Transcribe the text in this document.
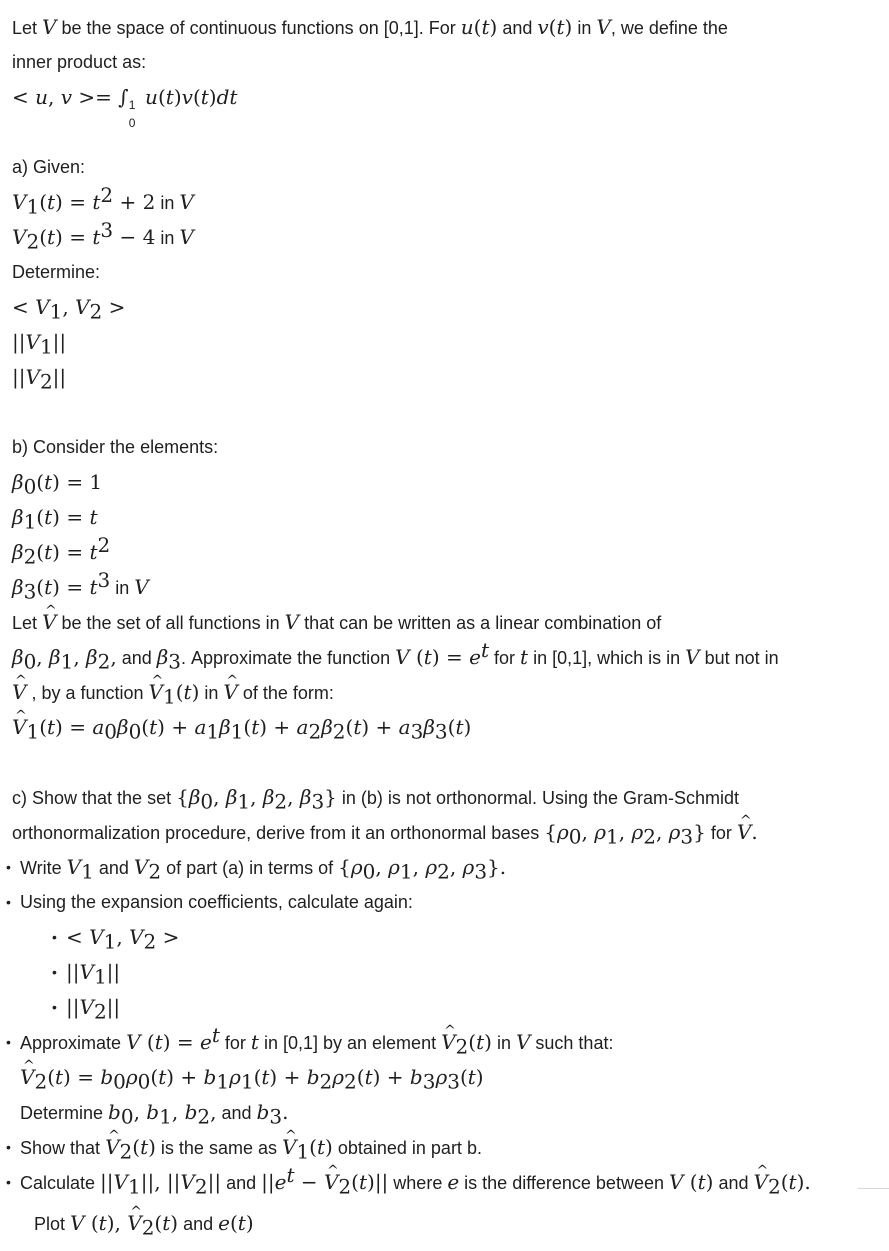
Let V be the space of continuous functions on [0,1]. For u(t) and v(t) in V, we define the
inner product as:
< u, v >= ∫ 1
0
u(t)v(t)dt
a) Given:
$V_1(t) = t^2 + 2$ in V
$V_2(t) = t^3 - 4$ in V
Determine:
< $V_1$, $V_2$ >
$||V_1||$
$||V_2||$
b) Consider the elements:
$\beta_0(t) = 1$
$\beta_1(t) = t$
$\beta_2(t) = t^2$
$\beta_3(t) = t^3$ in V
Let ^ V be the set of all functions in V that can be written as a linear combination of
$\beta_0$, $\beta_1$, $\beta_2$, and $\beta_3$. Approximate the function V $(t) = e^t$ for t in [0,1], which is in V but not in
^ V , by a function ^ $V_1(t)$ in ^ V of the form:
^ $V_1(t) = a_0\beta_0(t) + a_1\beta_1(t) + a_2\beta_2(t) + a_3\beta_3(t)$
c) Show that the set {$\beta_0$, $\beta_1$, $\beta_2$, $\beta_3$} in (b) is not orthonormal. Using the Gram-Schmidt
orthonormalization procedure, derive from it an orthonormal bases {$\rho_0$, $\rho_1$, $\rho_2$, $\rho_3$} for ^ V.
• Write $V_1$ and $V_2$ of part (a) in terms of {$\rho_0$, $\rho_1$, $\rho_2$, $\rho_3$}.
• Using the expansion coefficients, calculate again:
• < $V_1$, $V_2$ >
• $||V_1||$
• $||V_2||$
• Approximate V $(t) = e^t$ for t in [0,1] by an element ^ $V_2(t)$ in V such that:
^ $V_2(t) = b_0\rho_0(t) + b_1\rho_1(t) + b_2\rho_2(t) + b_3\rho_3(t)$
Determine $b_0$, $b_1$, $b_2$, and $b_3$.
• Show that ^ $V_2(t)$ is the same as ^ $V_1(t)$ obtained in part b.
• Calculate $||V_1||$, $||V_2||$ and $||e^t$ − ^ $V_2(t)||$ where e is the difference between V (t) and ^ $V_2(t)$.
Plot V (t), ^ $V_2(t)$ and e(t)
